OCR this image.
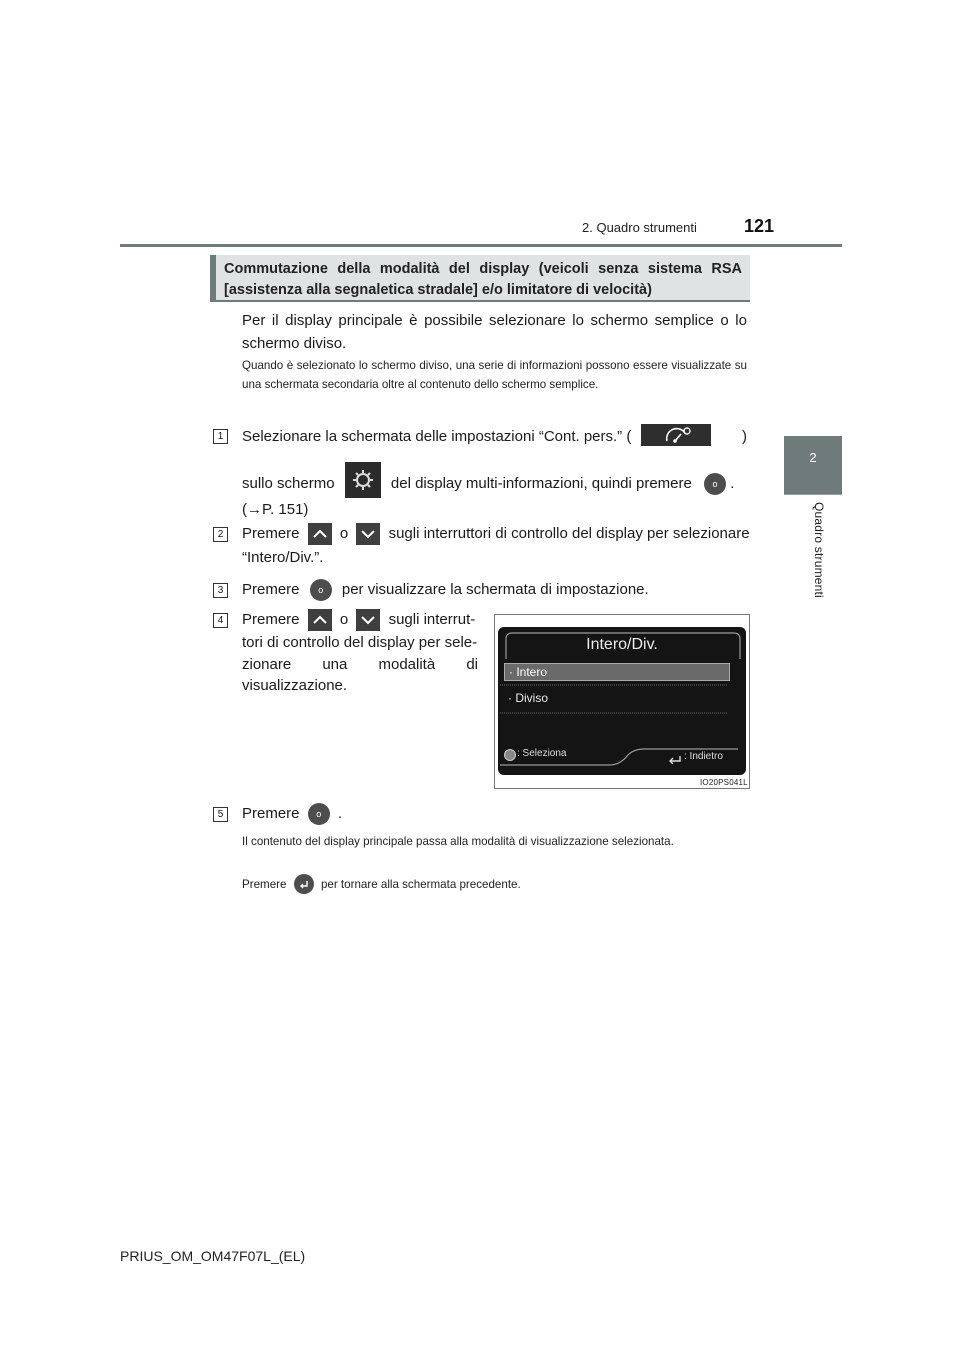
2. Quadro strumenti	121
2
Quadro strumenti
Commutazione della modalità del display (veicoli senza sistema RSA [assistenza alla segnaletica stradale] e/o limitatore di velocità)
Per il display principale è possibile selezionare lo schermo semplice o lo schermo diviso.
Quando è selezionato lo schermo diviso, una serie di informazioni possono essere visualizzate su una schermata secondaria oltre al contenuto dello schermo semplice.
1	Selezionare la schermata delle impostazioni “Cont. pers.” (	)
sullo schermo	del display multi-informazioni, quindi premere o .
(→P. 151)
2	Premere	o	sugli interruttori di controllo del display per selezionare
“Intero/Div.”.
3	Premere o per visualizzare la schermata di impostazione.
4	Premere	o	sugli interrut-
tori di controllo del display per sele-
zionare una modalità di
visualizzazione.
Intero/Div.
· Intero
· Diviso
: Seleziona	: Indietro
IO20PS041L
5	Premere o .
Il contenuto del display principale passa alla modalità di visualizzazione selezionata.
Premere	per tornare alla schermata precedente.
PRIUS_OM_OM47F07L_(EL)
